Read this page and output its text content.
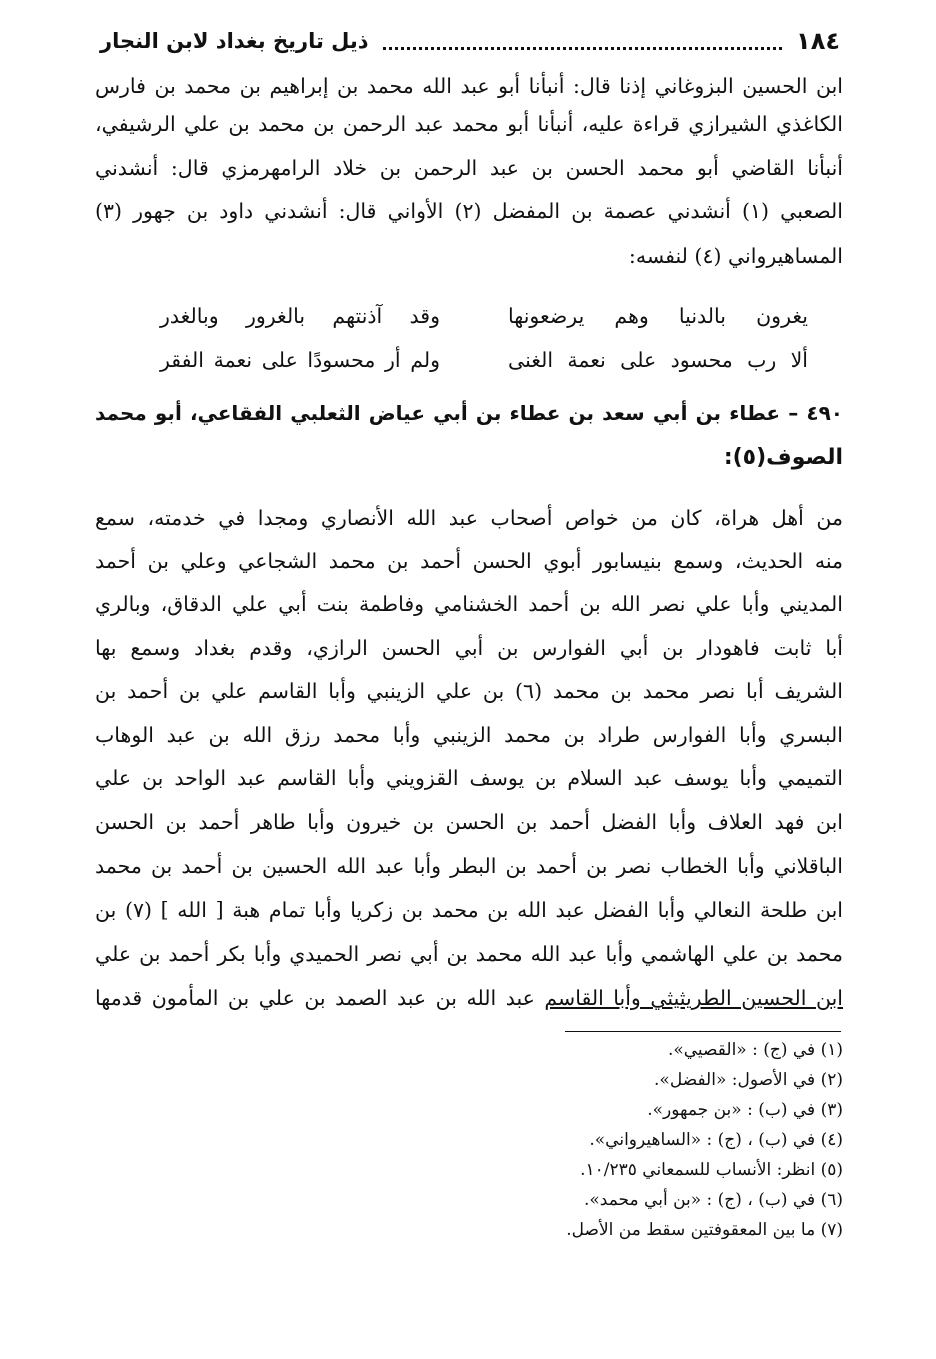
١٨٤
ذيل تاريخ بغداد لابن النجار
ابن الحسين البزوغاني إذنا قال: أنبأنا أبو عبد الله محمد بن إبراهيم بن محمد بن فارس
الكاغذي الشيرازي قراءة عليه، أنبأنا أبو محمد عبد الرحمن بن محمد بن علي الرشيفي،
أنبأنا القاضي أبو محمد الحسن بن عبد الرحمن بن خلاد الرامهرمزي قال: أنشدني
الصعبي (١) أنشدني عصمة بن المفضل (٢) الأواني قال: أنشدني داود بن جهور (٣)
المساهيرواني (٤) لنفسه:
يغرون بالدنيا وهم يرضعونها
وقد آذنتهم بالغرور وبالغدر
ألا رب محسود على نعمة الغنى
ولم أر محسودًا على نعمة الفقر
٤٩٠ – عطاء بن أبي سعد بن عطاء بن أبي عياض الثعلبي الفقاعي، أبو محمد
الصوف(٥):
من أهل هراة، كان من خواص أصحاب عبد الله الأنصاري ومجدا في خدمته، سمع
منه الحديث، وسمع بنيسابور أبوي الحسن أحمد بن محمد الشجاعي وعلي بن أحمد
المديني وأبا علي نصر الله بن أحمد الخشنامي وفاطمة بنت أبي علي الدقاق، وبالري
أبا ثابت فاهودار بن أبي الفوارس بن أبي الحسن الرازي، وقدم بغداد وسمع بها
الشريف أبا نصر محمد بن محمد (٦) بن علي الزينبي وأبا القاسم علي بن أحمد بن
البسري وأبا الفوارس طراد بن محمد الزينبي وأبا محمد رزق الله بن عبد الوهاب
التميمي وأبا يوسف عبد السلام بن يوسف القزويني وأبا القاسم عبد الواحد بن علي
ابن فهد العلاف وأبا الفضل أحمد بن الحسن بن خيرون وأبا طاهر أحمد بن الحسن
الباقلاني وأبا الخطاب نصر بن أحمد بن البطر وأبا عبد الله الحسين بن أحمد بن محمد
ابن طلحة النعالي وأبا الفضل عبد الله بن محمد بن زكريا وأبا تمام هبة [ الله ] (٧) بن
محمد بن علي الهاشمي وأبا عبد الله محمد بن أبي نصر الحميدي وأبا بكر أحمد بن علي
ابن الحسين الطريثيثي وأبا القاسم عبد الله بن عبد الصمد بن علي بن المأمون قدمها
(١) في (ج) : «القصيي».
(٢) في الأصول: «الفضل».
(٣) في (ب) : «بن جمهور».
(٤) في (ب) ، (ج) : «الساهيرواني».
(٥) انظر: الأنساب للسمعاني ١٠/٢٣٥.
(٦) في (ب) ، (ج) : «بن أبي محمد».
(٧) ما بين المعقوفتين سقط من الأصل.
